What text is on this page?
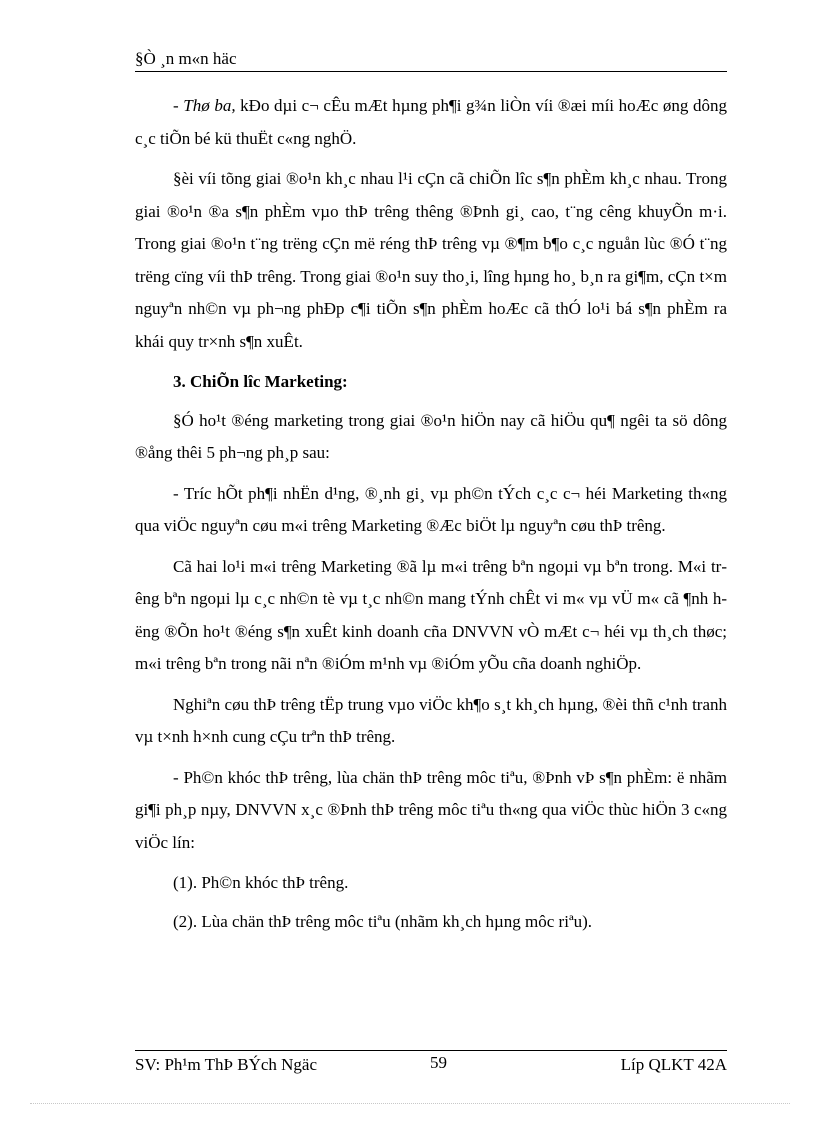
§Ò ¸n m«n häc

- Thø ba, kÐo dµi c¬ cÊu mÆt hµng ph¶i g¾n liÒn víi ®æi míi hoÆc øng dông c¸c tiÕn bé kü thuËt c«ng nghÖ.

§èi víi tõng giai ®o¹n kh¸c nhau l¹i cÇn cã chiÕn lîc s¶n phÈm kh¸c nhau. Trong giai ®o¹n ®a s¶n phÈm vµo thÞ trêng thêng ®Þnh gi¸ cao, t¨ng cêng khuyÕn m·i. Trong giai ®o¹n t¨ng trëng cÇn më réng thÞ trêng vµ ®¶m b¶o c¸c nguån lùc ®Ó t¨ng trëng cïng víi thÞ trêng. Trong giai ®o¹n suy tho¸i, lîng hµng ho¸ b¸n ra gi¶m, cÇn t×m nguyªn nh©n vµ ph¬ng phÐp c¶i tiÕn s¶n phÈm hoÆc cã thÓ lo¹i bá s¶n phÈm ra khái quy tr×nh s¶n xuÊt.

3. ChiÕn lîc Marketing:

§Ó ho¹t ®éng marketing trong giai ®o¹n hiÖn nay cã hiÖu qu¶ ngêi ta sö dông ®ång thêi 5 ph¬ng ph¸p sau:

- Tríc hÕt ph¶i nhËn d¹ng, ®¸nh gi¸ vµ ph©n tÝch c¸c c¬ héi Marketing th«ng qua viÖc nguyªn cøu m«i trêng Marketing ®Æc biÖt lµ nguyªn cøu thÞ trêng.

Cã hai lo¹i m«i trêng Marketing ®ã lµ m«i trêng bªn ngoµi vµ bªn trong. M«i trêng bªn ngoµi lµ c¸c nh©n tè vµ t¸c nh©n mang tÝnh chÊt vi m« vµ vÜ m« cã ¶nh hëng ®Õn ho¹t ®éng s¶n xuÊt kinh doanh cña DNVVN vÒ mÆt c¬ héi vµ th¸ch thøc; m«i trêng bªn trong nãi nªn ®iÓm m¹nh vµ ®iÓm yÕu cña doanh nghiÖp.

Nghiªn cøu thÞ trêng tËp trung vµo viÖc kh¶o s¸t kh¸ch hµng, ®èi thñ c¹nh tranh vµ t×nh h×nh cung cÇu trªn thÞ trêng.

- Ph©n khóc thÞ trêng, lùa chän thÞ trêng môc tiªu, ®Þnh vÞ s¶n phÈm: ë nhãm gi¶i ph¸p nµy, DNVVN x¸c ®Þnh thÞ trêng môc tiªu th«ng qua viÖc thùc hiÖn 3 c«ng viÖc lín:

(1). Ph©n khóc thÞ trêng.

(2). Lùa chän thÞ trêng môc tiªu (nhãm kh¸ch hµng môc riªu).

SV: Ph¹m ThÞ BÝch Ngäc	59	Líp QLKT 42A
